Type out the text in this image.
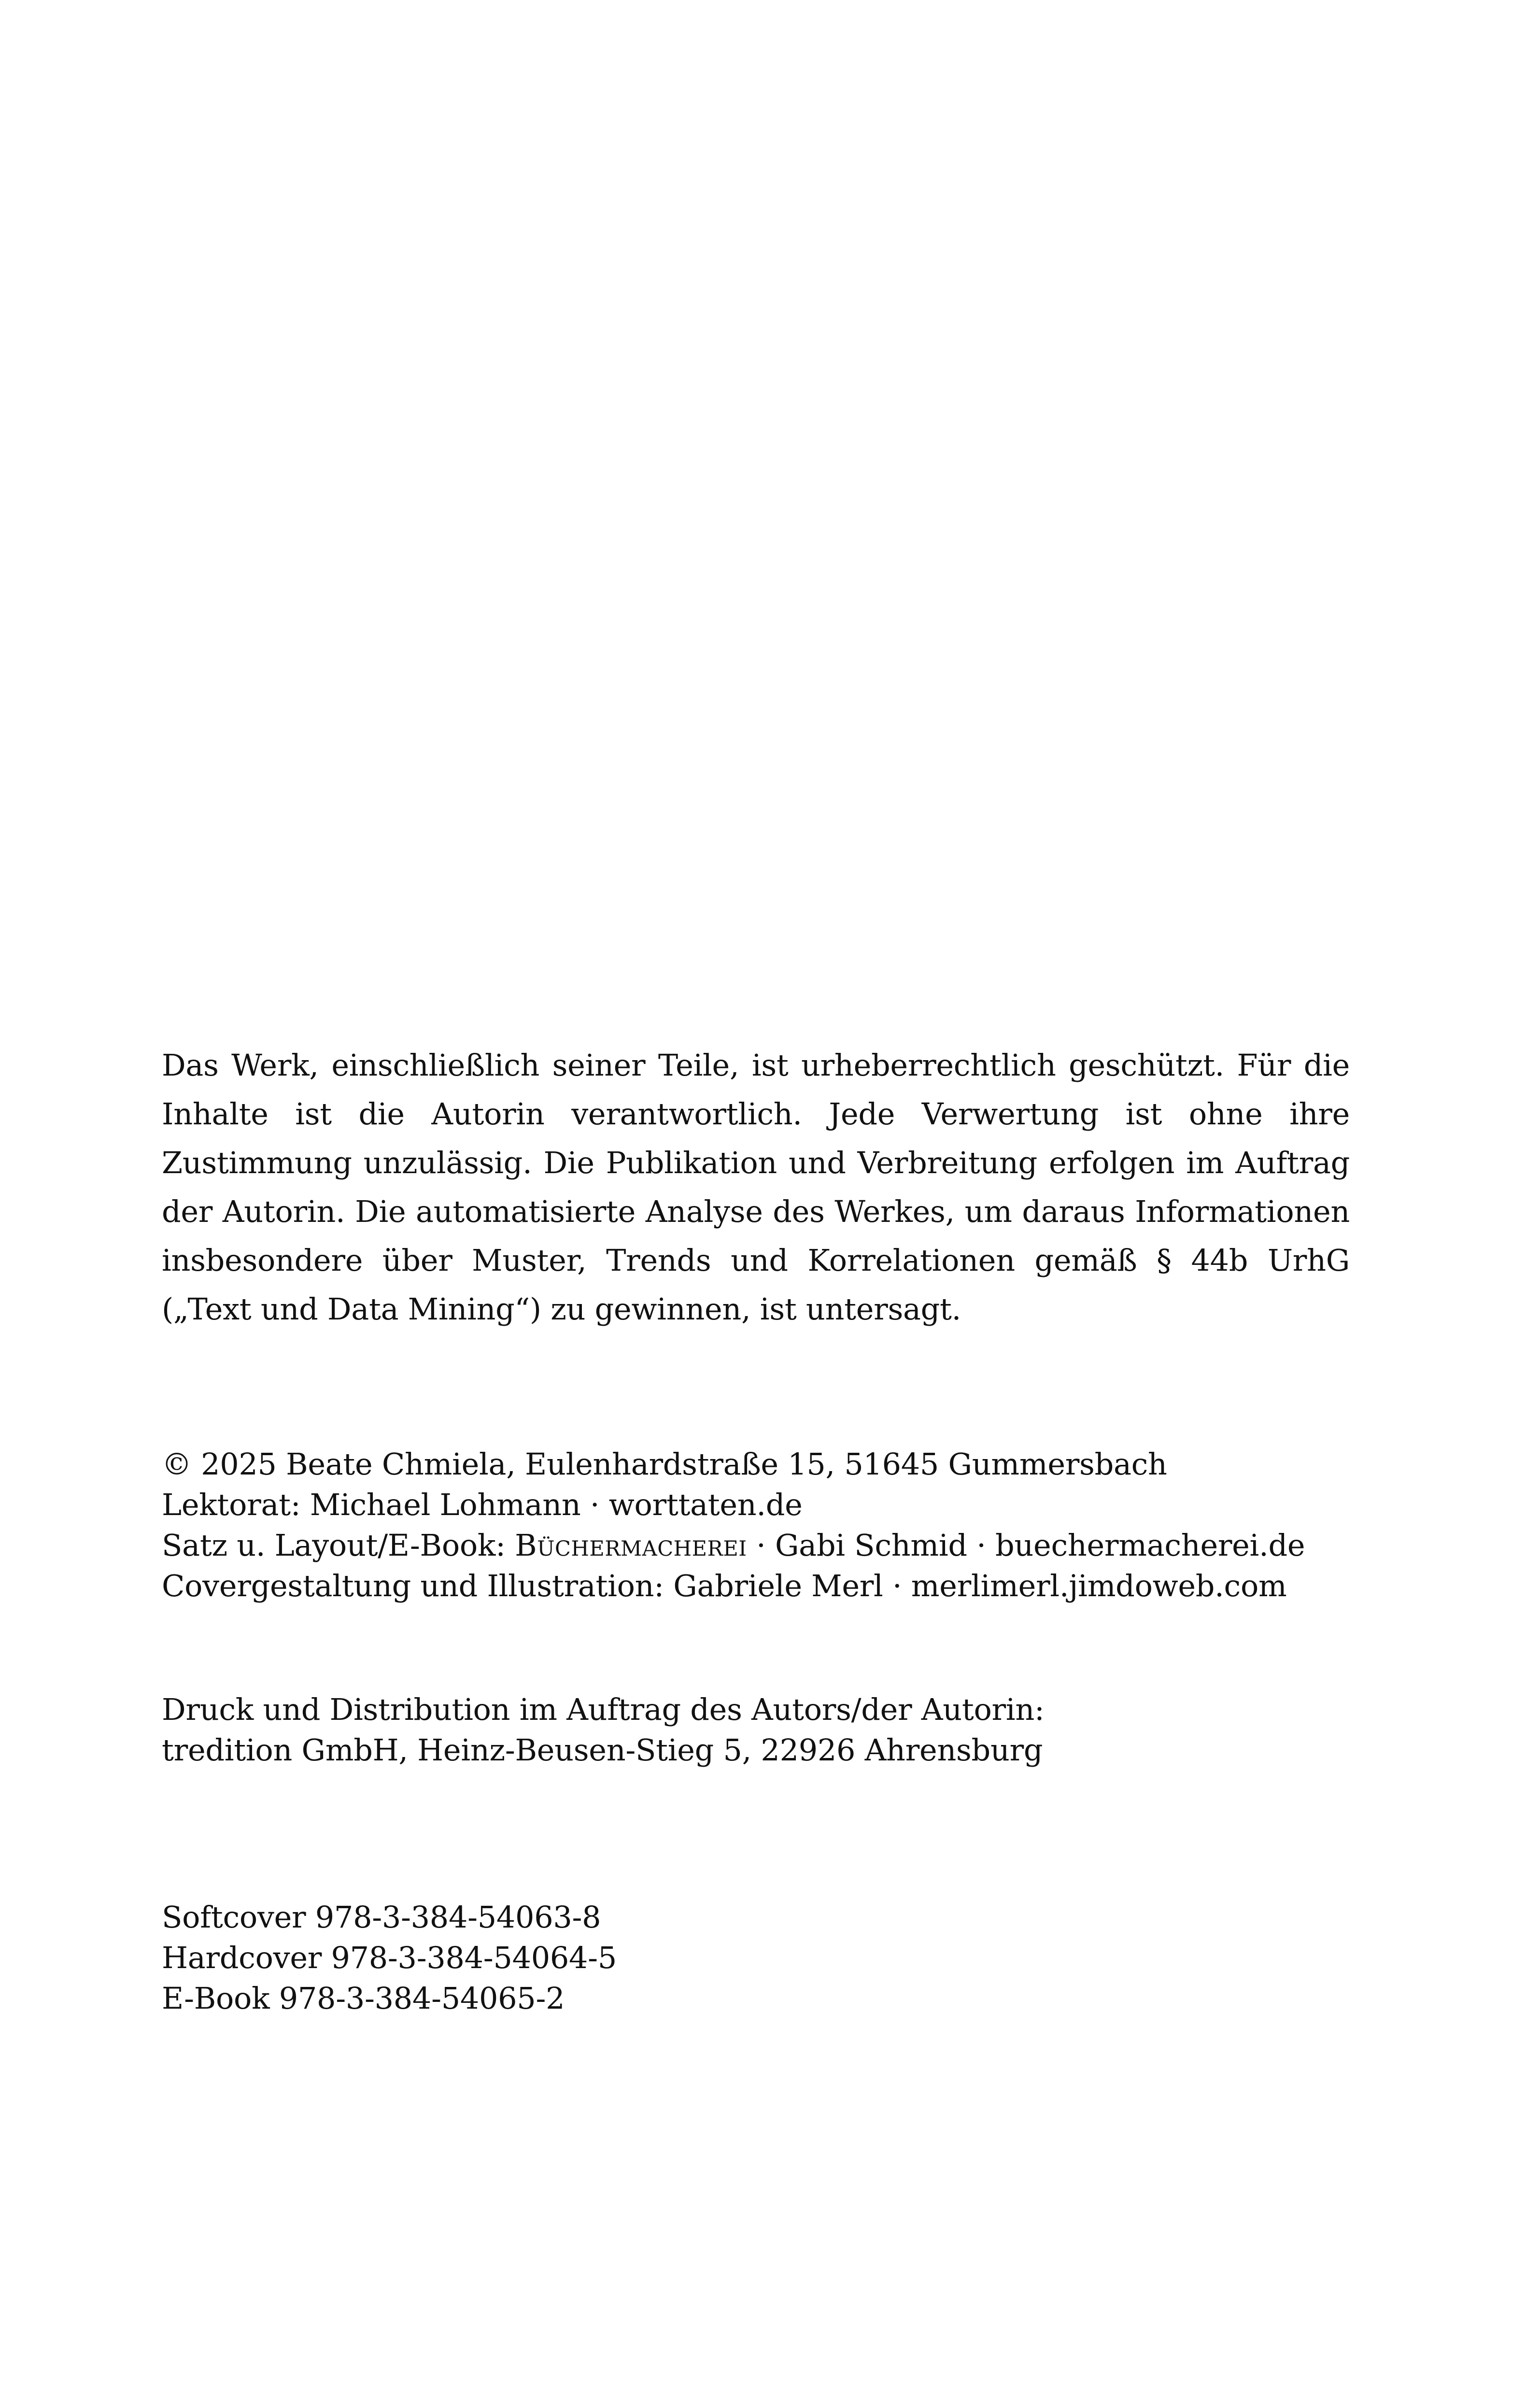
Das Werk, einschließlich seiner Teile, ist urheberrechtlich geschützt. Für die Inhalte ist die Autorin verantwortlich. Jede Verwertung ist ohne ihre Zustimmung unzulässig. Die Publikation und Verbreitung erfolgen im Auftrag der Autorin. Die automatisierte Analyse des Werkes, um daraus Informationen insbesondere über Muster, Trends und Korrelationen gemäß § 44b UrhG („Text und Data Mining“) zu gewinnen, ist untersagt.

© 2025 Beate Chmiela, Eulenhardstraße 15, 51645 Gummersbach
Lektorat: Michael Lohmann · worttaten.de
Satz u. Layout/E-Book: Büchermacherei · Gabi Schmid · buechermacherei.de
Covergestaltung und Illustration: Gabriele Merl · merlimerl.jimdoweb.com
Druck und Distribution im Auftrag des Autors/der Autorin:
tredition GmbH, Heinz-Beusen-Stieg 5, 22926 Ahrensburg
Softcover 978-3-384-54063-8
Hardcover 978-3-384-54064-5
E-Book 978-3-384-54065-2
